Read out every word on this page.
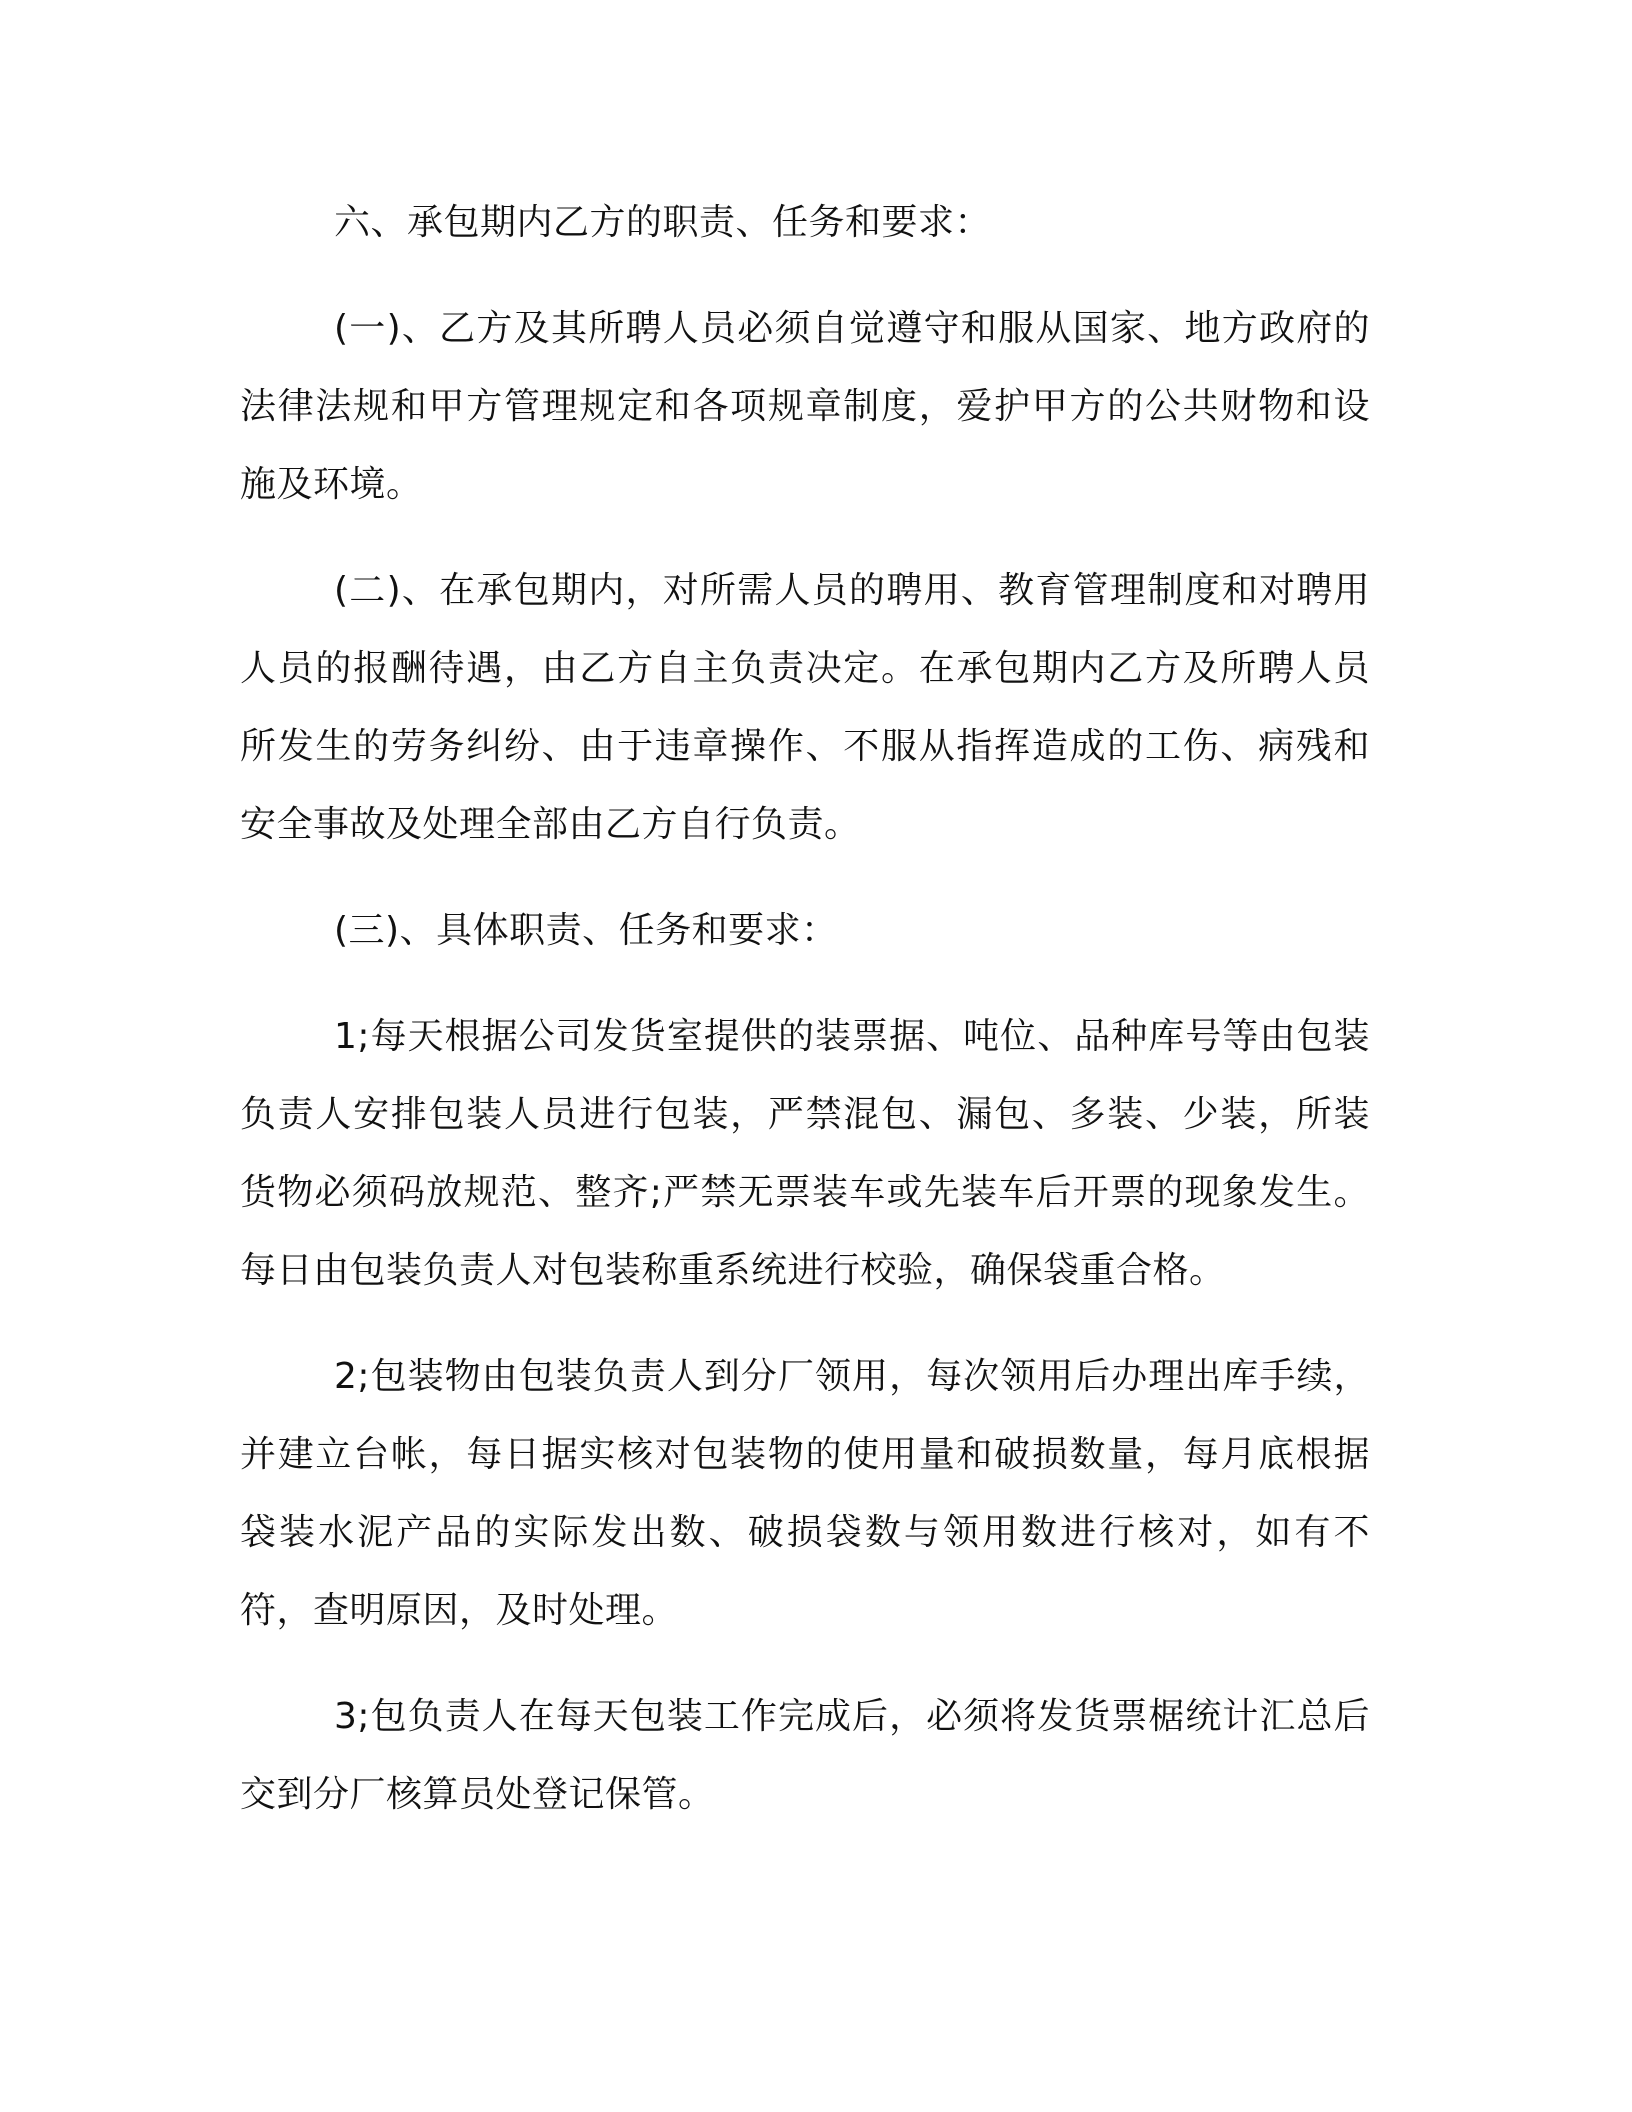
六、承包期内乙方的职责、任务和要求：

(一)、乙方及其所聘人员必须自觉遵守和服从国家、地方政府的法律法规和甲方管理规定和各项规章制度，爱护甲方的公共财物和设施及环境。

(二)、在承包期内，对所需人员的聘用、教育管理制度和对聘用人员的报酬待遇，由乙方自主负责决定。在承包期内乙方及所聘人员所发生的劳务纠纷、由于违章操作、不服从指挥造成的工伤、病残和安全事故及处理全部由乙方自行负责。

(三)、具体职责、任务和要求：

1;每天根据公司发货室提供的装票据、吨位、品种库号等由包装负责人安排包装人员进行包装，严禁混包、漏包、多装、少装，所装货物必须码放规范、整齐;严禁无票装车或先装车后开票的现象发生。每日由包装负责人对包装称重系统进行校验，确保袋重合格。

2;包装物由包装负责人到分厂领用，每次领用后办理出库手续，并建立台帐，每日据实核对包装物的使用量和破损数量，每月底根据袋装水泥产品的实际发出数、破损袋数与领用数进行核对，如有不符，查明原因，及时处理。

3;包负责人在每天包装工作完成后，必须将发货票椐统计汇总后交到分厂核算员处登记保管。
